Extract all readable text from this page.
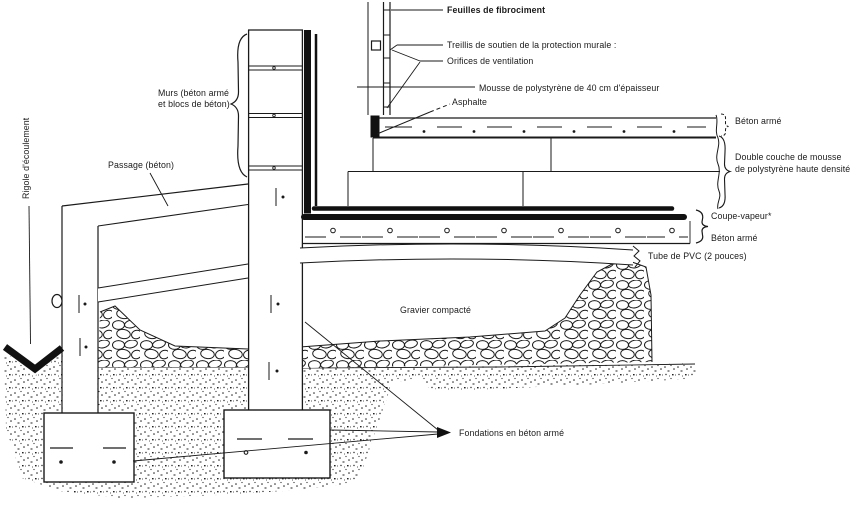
Feuilles de fibrociment
Treillis de soutien de la protection murale :
Orifices de ventilation
Mousse de polystyrène de 40 cm d'épaisseur
Asphalte
Béton armé
Double couche de mousse
de polystyrène haute densité
Coupe-vapeur*
Béton armé
Tube de PVC (2 pouces)
Gravier compacté
Fondations en béton armé
Murs (béton armé
et blocs de béton)
Passage (béton)
Rigole d'écoulement
